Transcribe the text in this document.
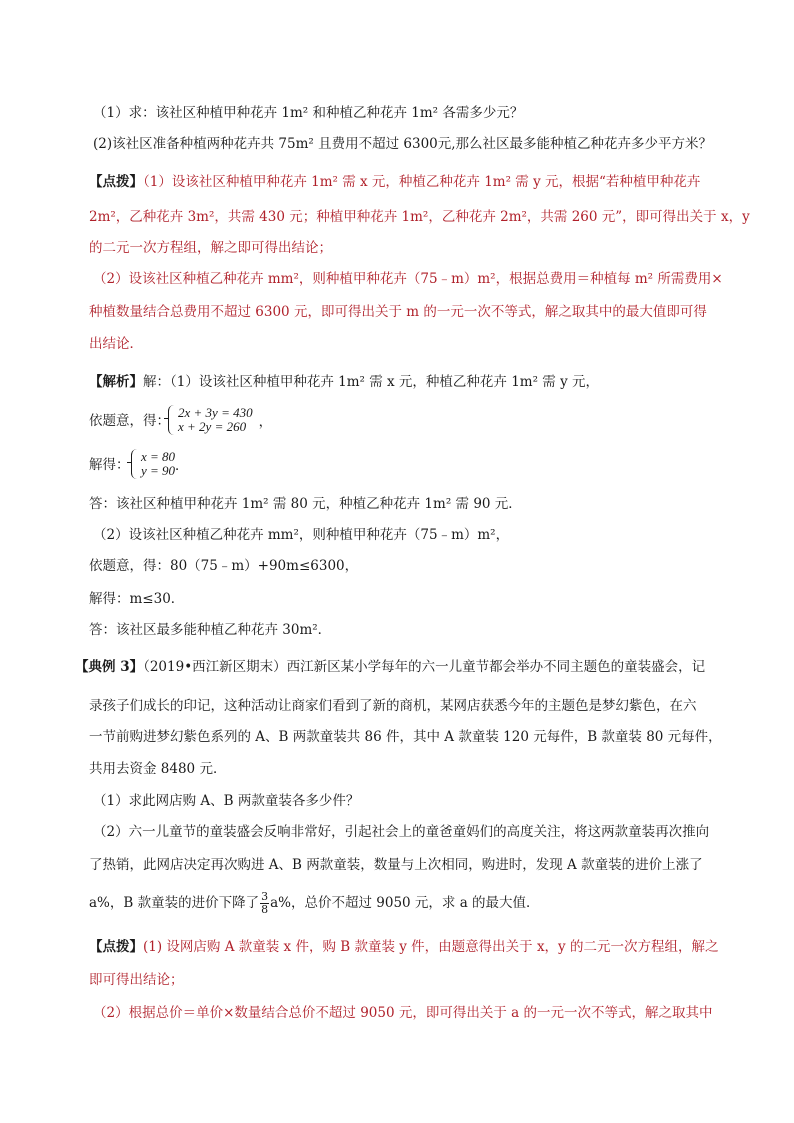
（1）求：该社区种植甲种花卉 1m² 和种植乙种花卉 1m² 各需多少元？
(2)该社区准备种植两种花卉共 75m² 且费用不超过 6300元,那么社区最多能种植乙种花卉多少平方米？
【点拨】（1）设该社区种植甲种花卉 1m² 需 x 元，种植乙种花卉 1m² 需 y 元，根据“若种植甲种花卉
2m²，乙种花卉 3m²，共需 430 元；种植甲种花卉 1m²，乙种花卉 2m²，共需 260 元”，即可得出关于 x，y
的二元一次方程组，解之即可得出结论；
（2）设该社区种植乙种花卉 mm²，则种植甲种花卉（75﹣m）m²，根据总费用＝种植每 m² 所需费用×
种植数量结合总费用不超过 6300 元，即可得出关于 m 的一元一次不等式，解之取其中的最大值即可得
出结论．
【解析】解：（1）设该社区种植甲种花卉 1m² 需 x 元，种植乙种花卉 1m² 需 y 元，
依题意，得：
2x + 3y = 430
x + 2y = 260 ，
解得：
x = 80
y = 90 ．
答：该社区种植甲种花卉 1m² 需 80 元，种植乙种花卉 1m² 需 90 元．
（2）设该社区种植乙种花卉 mm²，则种植甲种花卉（75﹣m）m²，
依题意，得：80（75﹣m）+90m≤6300，
解得：m≤30．
答：该社区最多能种植乙种花卉 30m²．
【典例 3】（2019•西江新区期末）西江新区某小学每年的六一儿童节都会举办不同主题色的童装盛会，记
录孩子们成长的印记，这种活动让商家们看到了新的商机，某网店获悉今年的主题色是梦幻紫色，在六
一节前购进梦幻紫色系列的 A、B 两款童装共 86 件，其中 A 款童装 120 元每件，B 款童装 80 元每件，
共用去资金 8480 元．
（1）求此网店购 A、B 两款童装各多少件？
（2）六一儿童节的童装盛会反响非常好，引起社会上的童爸童妈们的高度关注，将这两款童装再次推向
了热销，此网店决定再次购进 A、B 两款童装，数量与上次相同，购进时，发现 A 款童装的进价上涨了
a%，B 款童装的进价下降了 $\frac{3}{8} a\%$，总价不超过 9050 元，求 a 的最大值．
【点拨】(1) 设网店购 A 款童装 x 件，购 B 款童装 y 件，由题意得出关于 x，y 的二元一次方程组，解之
即可得出结论；
（2）根据总价＝单价×数量结合总价不超过 9050 元，即可得出关于 a 的一元一次不等式，解之取其中
